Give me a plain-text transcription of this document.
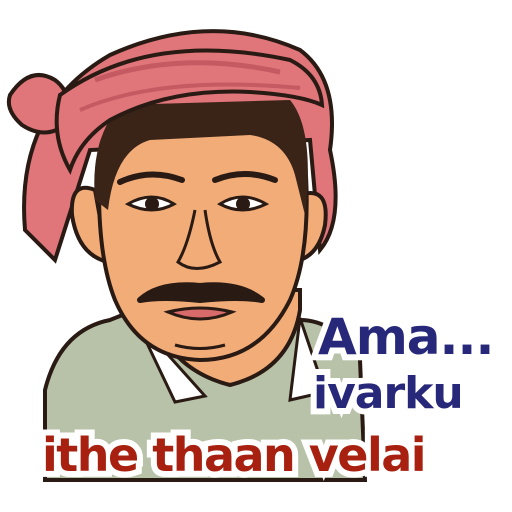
Ama...
ivarku
ithe thaan velai
